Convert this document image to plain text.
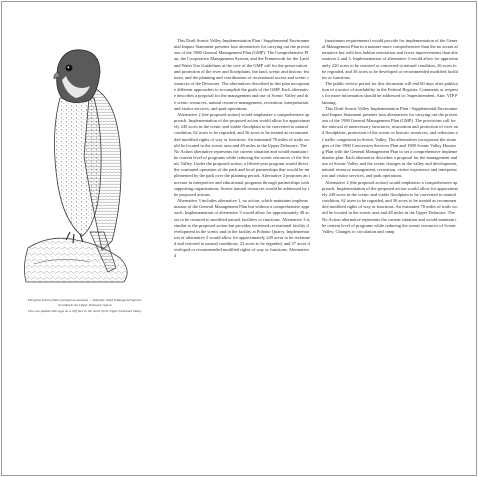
Peregrine falcon (Falco peregrinus anatum) — federally listed Endangered Species, recorded in the Upper Delaware region.
One was spotted with eggs on a cliff face in the north of the Upper Delaware Valley.

This Draft Scenic Valley Implementation Plan / Supplemental Environmental Impact Statement presents four alternatives for carrying out the provisions of the 1980 General Management Plan (GMP). The Comprehensive Plan, the Cooperative Management System, and the Framework for the Land and Water Use Guidelines at the core of the GMP call for the preservation and protection of the river and floodplains, the land, scenic and historic features, and the planning and coordination of recreational access and scenic resources of the Delaware. The alternatives described in this plan incorporate different approaches to accomplish the goals of the GMP. Each alternative describes a proposal for the management and use of Scenic Valley and the scenic resources, natural resource management, recreation, interpretation and visitor services, and park operations.

Alternative 2 (the proposed action) would emphasize a comprehensive approach. Implementation of the proposed action would allow for approximately 249 acres in the scenic and viable floodplain to be converted to natural condition, 62 acres to be regraded, and 36 acres to be treated as recommended modified rights of way or functions. An estimated 78 miles of trails would be located in the scenic area and 48 miles in the Upper Delaware. The No Action alternative represents the current situation and would maintain the current level of programs while reducing the scenic resources of the Scenic Valley. Under the proposed action, a fifteen-year program would direct the continued operation of the park and local partnerships that would be implemented by the park over the planning period. Alternative 2 proposes an increase in interpretive and educational programs through partnerships with supporting organizations. Scenic natural resources would be addressed by the proposed actions.

Alternative 3 includes alternative 1, no action, which maintains implementation of the General Management Plan but without a comprehensive approach. Implementation of alternative 3 would allow for approximately 40 acres to be restored to modified natural facilities or functions. Alternative 3 is similar to the proposed action but provides increased recreational facility development in the scenic and in the facility at Pohono Quarry. Implementation of alternative 3 would allow for approximately 249 acres to be reclaimed and restored to natural conditions, 23 acres to be regraded, and 57 acres developed or recommended modified rights of way or functions. Alternative 4

(maximum requirements) would provide for implementation of the General Management Plan in a manner more comprehensive than the no action alternative but with less habitat restoration and fewer improvements than alternatives 2 and 3. Implementation of alternative 4 would allow for approximately 220 acres to be restored or converted to natural condition, 26 acres to be regraded, and 36 acres to be developed or recommended modified facilities or functions.

The public review period for this document will end 60 days after publication of a notice of availability in the Federal Register. Comments or requests for more information should be addressed to: Superintendent, Attn: VIP Planning.

This Draft Scenic Valley Implementation Plan / Supplemental Environmental Impact Statement presents four alternatives for carrying out the provisions of the 1980 General Management Plan (GMP). The provisions call for the renewal of unnecessary structures, restoration and protection of river and floodplains, protection of the scenic or historic resources, and reduction of traffic congestion in Scenic Valley. The alternatives incorporate the strategies of the 1980 Concession Services Plan and 1980 Scenic Valley Housing Plan with the General Management Plan to set a comprehensive implementation plan. Each alternative describes a proposal for the management and use of Scenic Valley and the scenic changes in the valley and development, natural resource management, recreation, visitor experience and interpretation and visitor services, and park operations.

Alternative 2 (the proposed action) would emphasize a comprehensive approach. Implementation of the proposed action would allow for approximately 249 acres in the scenic and viable floodplain to be converted to natural condition, 62 acres to be regraded, and 36 acres to be treated as recommended modified rights of way or functions. An estimated 78 miles of trails would be located in the scenic area and 48 miles in the Upper Delaware. The No Action alternative represents the current situation and would maintain the current level of programs while reducing the scenic resources of Scenic Valley. Changes to circulation and camp
